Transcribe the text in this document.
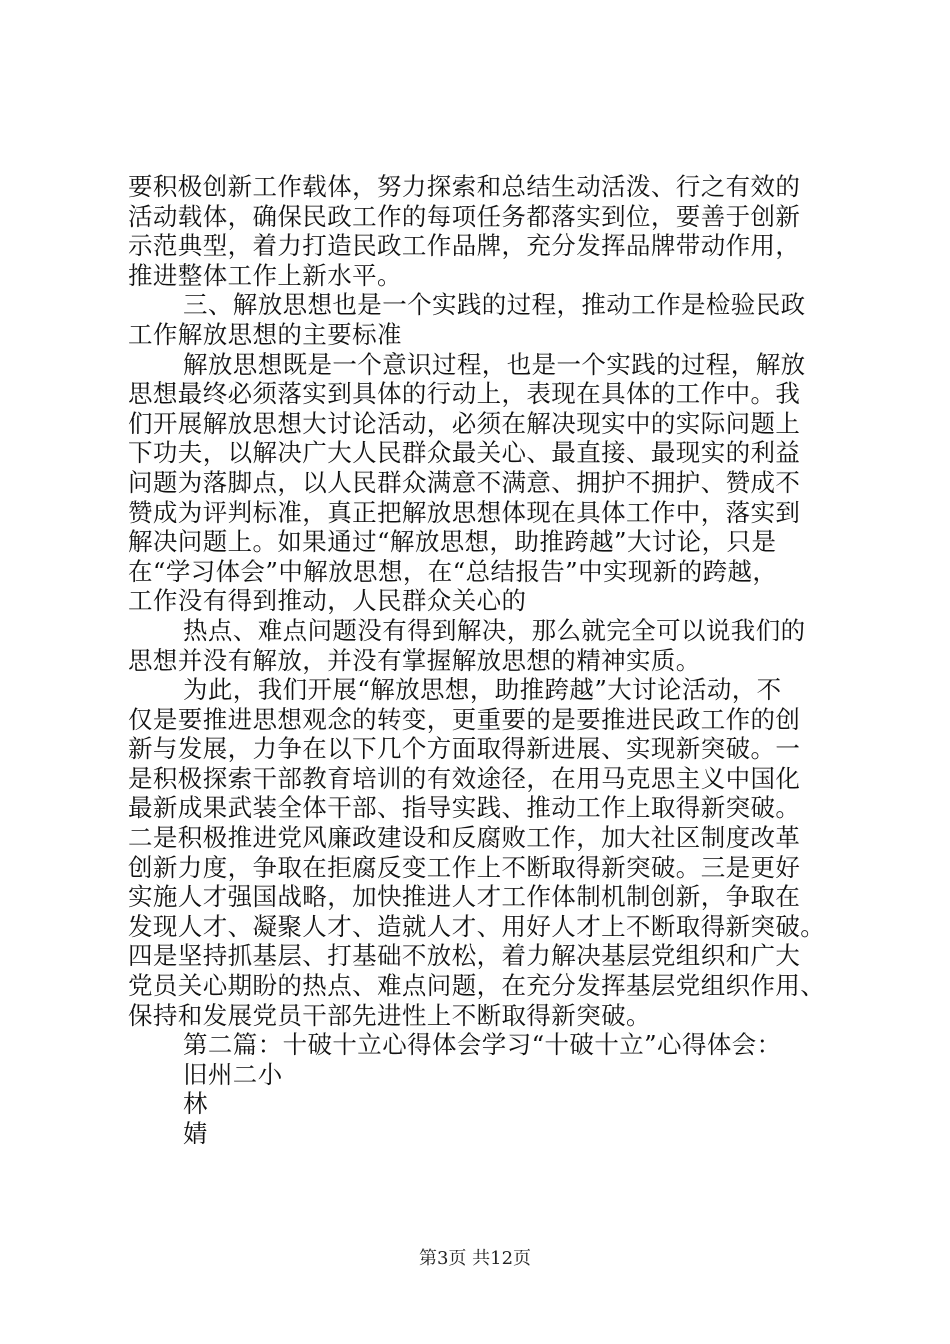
要积极创新工作载体，努力探索和总结生动活泼、行之有效的
活动载体，确保民政工作的每项任务都落实到位，要善于创新
示范典型，着力打造民政工作品牌，充分发挥品牌带动作用，
推进整体工作上新水平。
三、解放思想也是一个实践的过程，推动工作是检验民政
工作解放思想的主要标准
解放思想既是一个意识过程，也是一个实践的过程，解放
思想最终必须落实到具体的行动上，表现在具体的工作中。我
们开展解放思想大讨论活动，必须在解决现实中的实际问题上
下功夫，以解决广大人民群众最关心、最直接、最现实的利益
问题为落脚点，以人民群众满意不满意、拥护不拥护、赞成不
赞成为评判标准，真正把解放思想体现在具体工作中，落实到
解决问题上。如果通过“解放思想，助推跨越”大讨论，只是
在“学习体会”中解放思想，在“总结报告”中实现新的跨越，
工作没有得到推动，人民群众关心的
热点、难点问题没有得到解决，那么就完全可以说我们的
思想并没有解放，并没有掌握解放思想的精神实质。
为此，我们开展“解放思想，助推跨越”大讨论活动，不
仅是要推进思想观念的转变，更重要的是要推进民政工作的创
新与发展，力争在以下几个方面取得新进展、实现新突破。一
是积极探索干部教育培训的有效途径，在用马克思主义中国化
最新成果武装全体干部、指导实践、推动工作上取得新突破。
二是积极推进党风廉政建设和反腐败工作，加大社区制度改革
创新力度，争取在拒腐反变工作上不断取得新突破。三是更好
实施人才强国战略，加快推进人才工作体制机制创新，争取在
发现人才、凝聚人才、造就人才、用好人才上不断取得新突破。
四是坚持抓基层、打基础不放松，着力解决基层党组织和广大
党员关心期盼的热点、难点问题，在充分发挥基层党组织作用、
保持和发展党员干部先进性上不断取得新突破。
第二篇：十破十立心得体会学习“十破十立”心得体会：
旧州二小
林
婧
第3页 共12页
